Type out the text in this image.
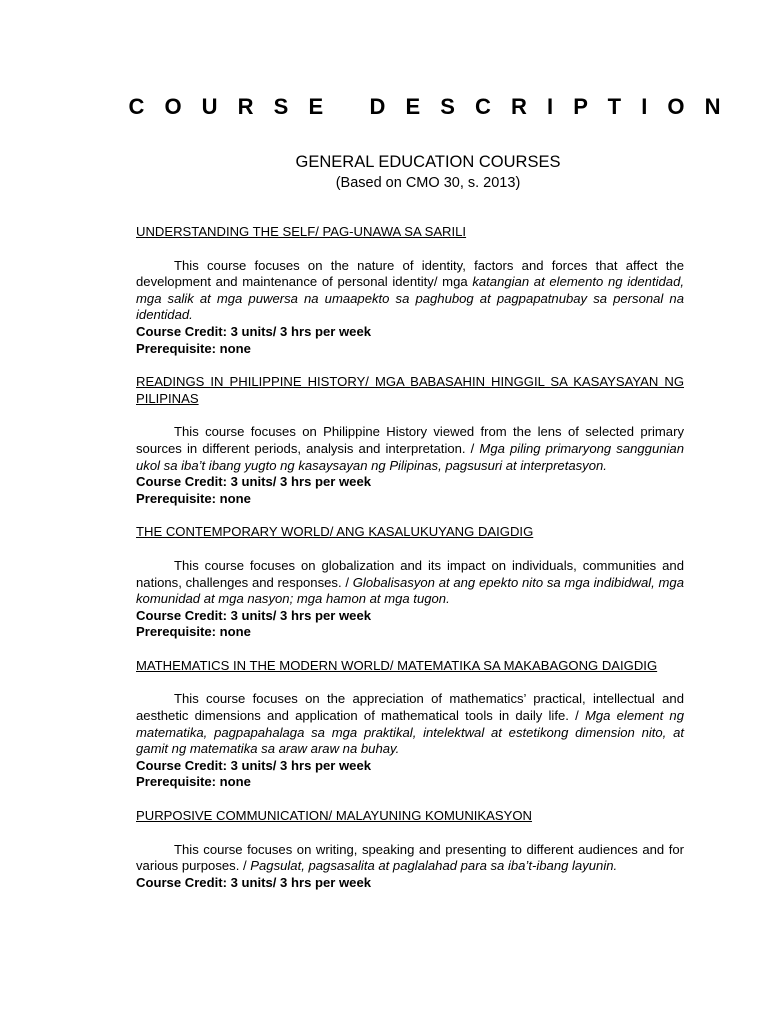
C O U R S E   D E S C R I P T I O N
GENERAL EDUCATION COURSES
(Based on CMO 30, s. 2013)

UNDERSTANDING THE SELF/ PAG-UNAWA SA SARILI

This course focuses on the nature of identity, factors and forces that affect the development and maintenance of personal identity/ mga katangian at elemento ng identidad, mga salik at mga puwersa na umaapekto sa paghubog at pagpapatnubay sa personal na identidad.

Course Credit: 3 units/ 3 hrs per week

Prerequisite: none

READINGS IN PHILIPPINE HISTORY/ MGA BABASAHIN HINGGIL SA KASAYSAYAN NG PILIPINAS

This course focuses on Philippine History viewed from the lens of selected primary sources in different periods, analysis and interpretation. / Mga piling primaryong sanggunian ukol sa iba’t ibang yugto ng kasaysayan ng Pilipinas, pagsusuri at interpretasyon.

Course Credit: 3 units/ 3 hrs per week

Prerequisite: none

THE CONTEMPORARY WORLD/ ANG KASALUKUYANG DAIGDIG

This course focuses on globalization and its impact on individuals, communities and nations, challenges and responses. / Globalisasyon at ang epekto nito sa mga indibidwal, mga komunidad at mga nasyon; mga hamon at mga tugon.

Course Credit: 3 units/ 3 hrs per week

Prerequisite: none

MATHEMATICS IN THE MODERN WORLD/ MATEMATIKA SA MAKABAGONG DAIGDIG

This course focuses on the appreciation of mathematics’ practical, intellectual and aesthetic dimensions and application of mathematical tools in daily life. / Mga element ng matematika, pagpapahalaga sa mga praktikal, intelektwal at estetikong dimension nito, at gamit ng matematika sa araw araw na buhay.

Course Credit: 3 units/ 3 hrs per week

Prerequisite: none

PURPOSIVE COMMUNICATION/ MALAYUNING KOMUNIKASYON

This course focuses on writing, speaking and presenting to different audiences and for various purposes. / Pagsulat, pagsasalita at paglalahad para sa iba’t-ibang layunin.

Course Credit: 3 units/ 3 hrs per week
